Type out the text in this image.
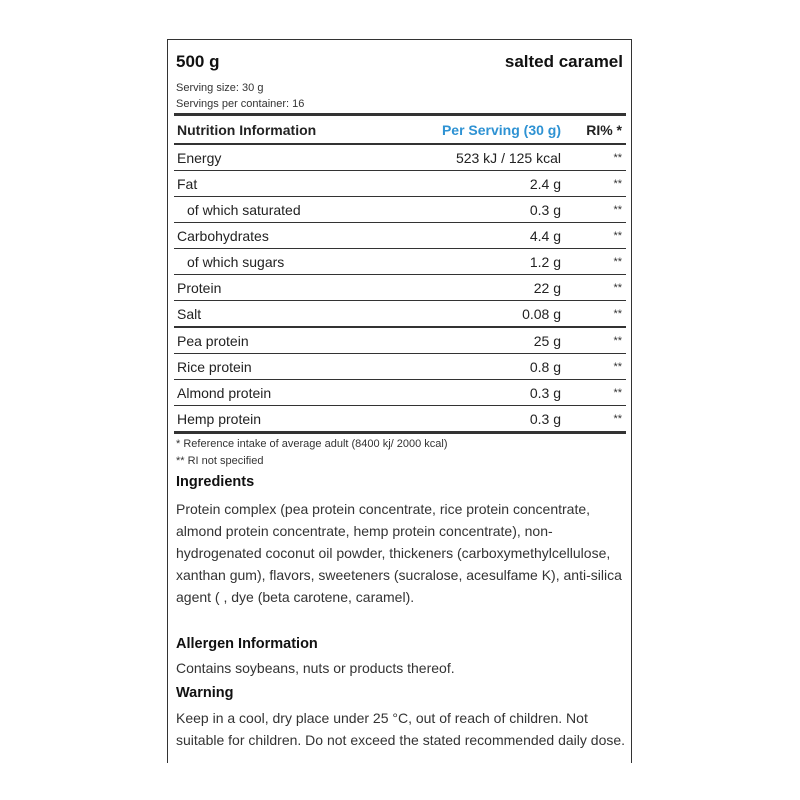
500 g	salted caramel
Serving size: 30 g
Servings per container: 16
Nutrition Information	Per Serving (30 g)	RI% *
Energy	523 kJ / 125 kcal	**
Fat	2.4 g	**
of which saturated	0.3 g	**
Carbohydrates	4.4 g	**
of which sugars	1.2 g	**
Protein	22 g	**
Salt	0.08 g	**
Pea protein	25 g	**
Rice protein	0.8 g	**
Almond protein	0.3 g	**
Hemp protein	0.3 g	**
* Reference intake of average adult (8400 kj/ 2000 kcal)
** RI not specified
Ingredients

Protein complex (pea protein concentrate, rice protein concentrate, almond protein concentrate, hemp protein concentrate), non-hydrogenated coconut oil powder, thickeners (carboxymethylcellulose, xanthan gum), flavors, sweeteners (sucralose, acesulfame K), anti-silica agent ( , dye (beta carotene, caramel).

Allergen Information

Contains soybeans, nuts or products thereof.

Warning

Keep in a cool, dry place under 25 °C, out of reach of children. Not suitable for children. Do not exceed the stated recommended daily dose.
